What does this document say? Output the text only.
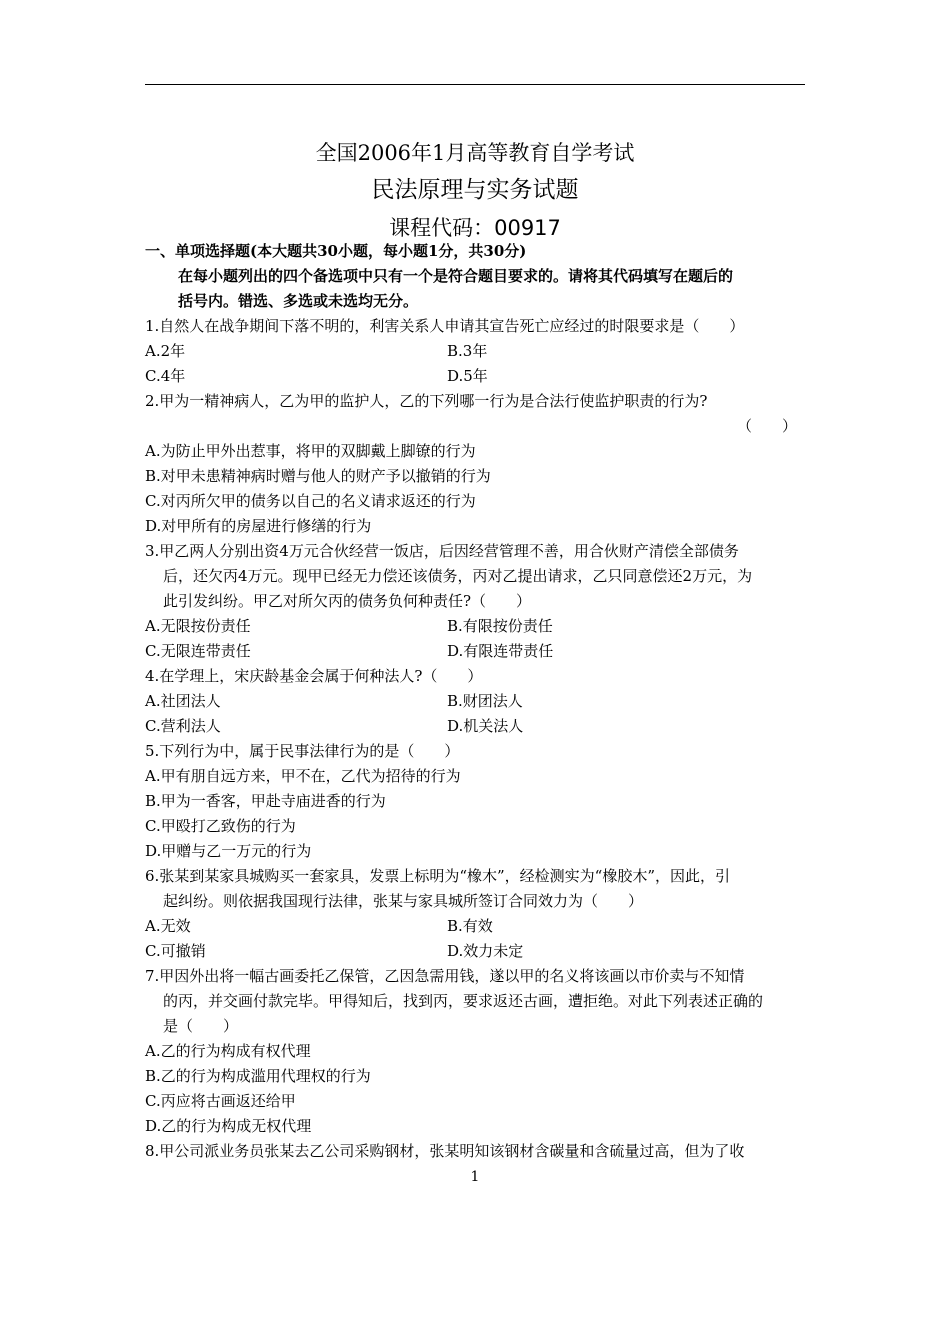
全国2006年1月高等教育自学考试
民法原理与实务试题
课程代码：00917
一、单项选择题(本大题共30小题，每小题1分，共30分)
在每小题列出的四个备选项中只有一个是符合题目要求的。请将其代码填写在题后的
括号内。错选、多选或未选均无分。
1.自然人在战争期间下落不明的，利害关系人申请其宣告死亡应经过的时限要求是（　　）
A.2年	B.3年
C.4年	D.5年
2.甲为一精神病人，乙为甲的监护人，乙的下列哪一行为是合法行使监护职责的行为?
（　　）
A.为防止甲外出惹事，将甲的双脚戴上脚镣的行为
B.对甲未患精神病时赠与他人的财产予以撤销的行为
C.对丙所欠甲的债务以自己的名义请求返还的行为
D.对甲所有的房屋进行修缮的行为
3.甲乙两人分别出资4万元合伙经营一饭店，后因经营管理不善，用合伙财产清偿全部债务
后，还欠丙4万元。现甲已经无力偿还该债务，丙对乙提出请求，乙只同意偿还2万元，为
此引发纠纷。甲乙对所欠丙的债务负何种责任?（　　）
A.无限按份责任	B.有限按份责任
C.无限连带责任	D.有限连带责任
4.在学理上，宋庆龄基金会属于何种法人?（　　）
A.社团法人	B.财团法人
C.营利法人	D.机关法人
5.下列行为中，属于民事法律行为的是（　　）
A.甲有朋自远方来，甲不在，乙代为招待的行为
B.甲为一香客，甲赴寺庙进香的行为
C.甲殴打乙致伤的行为
D.甲赠与乙一万元的行为
6.张某到某家具城购买一套家具，发票上标明为“橡木”，经检测实为“橡胶木”，因此，引
起纠纷。则依据我国现行法律，张某与家具城所签订合同效力为（　　）
A.无效	B.有效
C.可撤销	D.效力未定
7.甲因外出将一幅古画委托乙保管，乙因急需用钱，遂以甲的名义将该画以市价卖与不知情
的丙，并交画付款完毕。甲得知后，找到丙，要求返还古画，遭拒绝。对此下列表述正确的
是（　　）
A.乙的行为构成有权代理
B.乙的行为构成滥用代理权的行为
C.丙应将古画返还给甲
D.乙的行为构成无权代理
8.甲公司派业务员张某去乙公司采购钢材，张某明知该钢材含碳量和含硫量过高，但为了收
1
